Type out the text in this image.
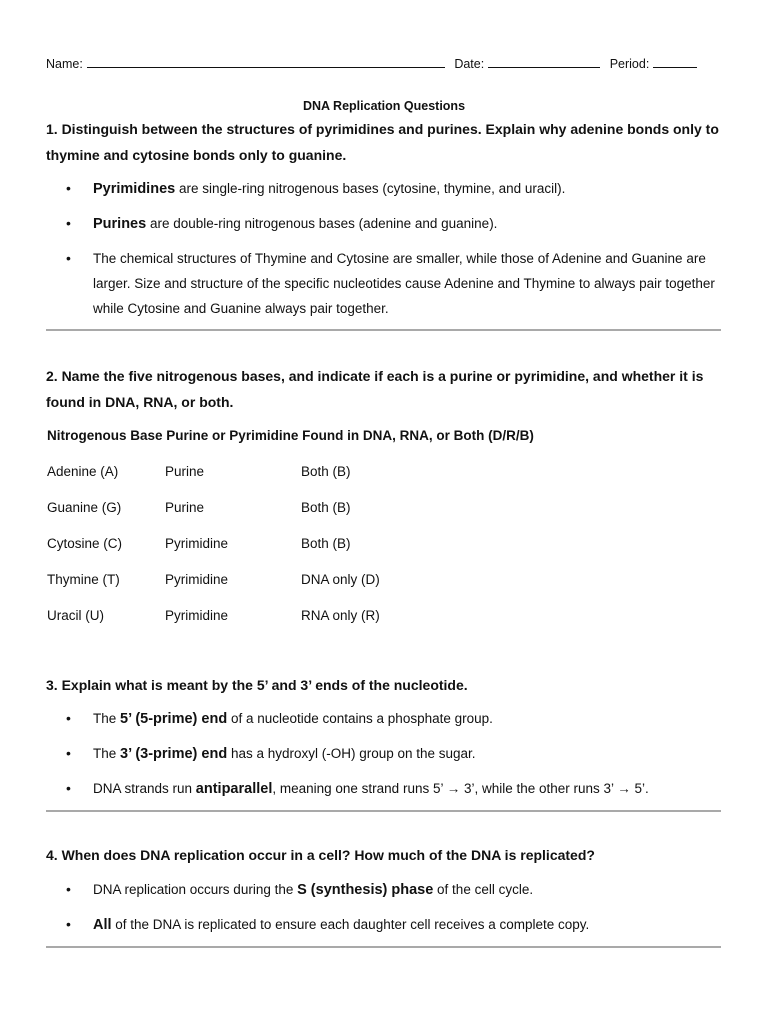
Name:	Date:	Period:
DNA Replication Questions
1. Distinguish between the structures of pyrimidines and purines. Explain why adenine bonds only to thymine and cytosine bonds only to guanine.
• Pyrimidines are single-ring nitrogenous bases (cytosine, thymine, and uracil).
• Purines are double-ring nitrogenous bases (adenine and guanine).
• The chemical structures of Thymine and Cytosine are smaller, while those of Adenine and Guanine are larger. Size and structure of the specific nucleotides cause Adenine and Thymine to always pair together while Cytosine and Guanine always pair together.
2. Name the five nitrogenous bases, and indicate if each is a purine or pyrimidine, and whether it is found in DNA, RNA, or both.
Nitrogenous Base Purine or Pyrimidine Found in DNA, RNA, or Both (D/R/B)
Adenine (A)	Purine	Both (B)
Guanine (G)	Purine	Both (B)
Cytosine (C)	Pyrimidine	Both (B)
Thymine (T)	Pyrimidine	DNA only (D)
Uracil (U)	Pyrimidine	RNA only (R)
3. Explain what is meant by the 5’ and 3’ ends of the nucleotide.
• The 5’ (5-prime) end of a nucleotide contains a phosphate group.
• The 3’ (3-prime) end has a hydroxyl (-OH) group on the sugar.
• DNA strands run antiparallel, meaning one strand runs 5’ → 3’, while the other runs 3’ → 5’.
4. When does DNA replication occur in a cell? How much of the DNA is replicated?
• DNA replication occurs during the S (synthesis) phase of the cell cycle.
• All of the DNA is replicated to ensure each daughter cell receives a complete copy.
